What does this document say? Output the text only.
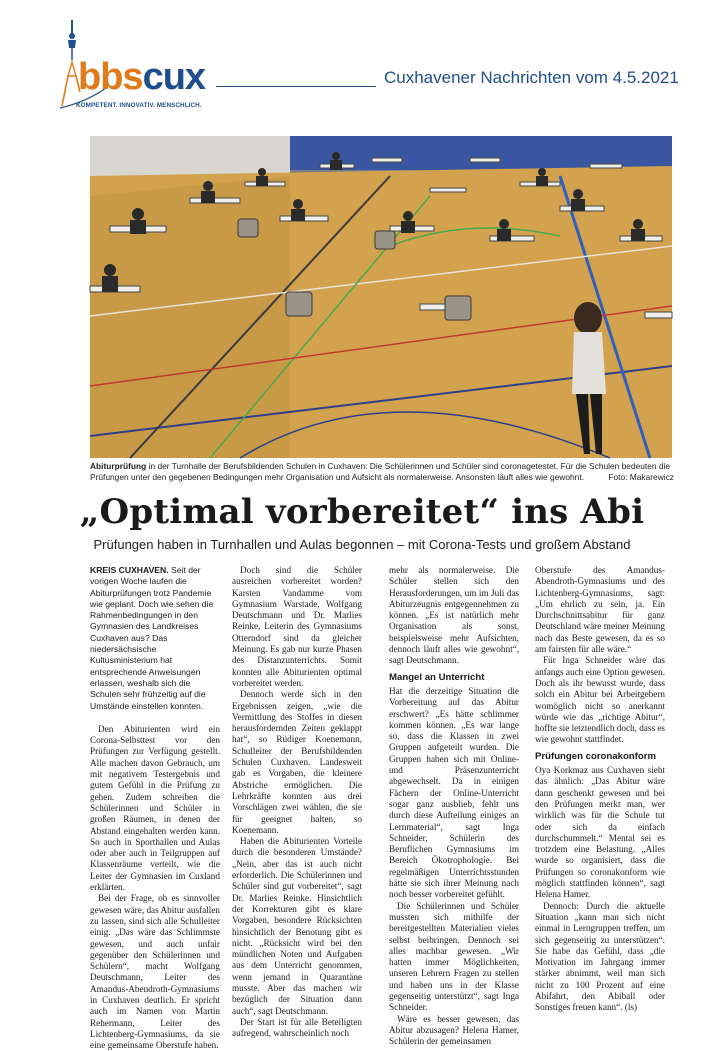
bbscux
KOMPETENT. INNOVATIV. MENSCHLICH.
Cuxhavener Nachrichten vom 4.5.2021
Abiturprüfung in der Turnhalle der Berufsbildenden Schulen in Cuxhaven: Die Schülerinnen und Schüler sind coronagetestet. Für die Schulen bedeuten die Prüfungen unter den gegebenen Bedingungen mehr Organisation und Aufsicht als normalerweise. Ansonsten läuft alles wie gewohnt.	Foto: Makarewicz
„Optimal vorbereitet“ ins Abi
Prüfungen haben in Turnhallen und Aulas begonnen – mit Corona-Tests und großem Abstand

KREIS CUXHAVEN. Seit der vorigen Woche laufen die Abiturprüfungen trotz Pandemie wie geplant. Doch wie sehen die Rahmenbedingungen in den Gymnasien des Landkreises Cuxhaven aus? Das niedersächsische Kultusministerium hat entsprechende Anweisungen erlassen, weshalb sich die Schulen sehr frühzeitig auf die Umstände einstellen konnten.

Den Abiturienten wird ein Corona-Selbsttest vor den Prüfungen zur Verfügung gestellt. Alle machen davon Gebrauch, um mit negativem Testergebnis und gutem Gefühl in die Prüfung zu gehen. Zudem schreiben die Schülerinnen und Schüler in großen Räumen, in denen der Abstand eingehalten werden kann. So auch in Sporthallen und Aulas oder aber auch in Teilgruppen auf Klassenräume verteilt, wie die Leiter der Gymnasien im Cuxland erklärten.

Bei der Frage, ob es sinnvoller gewesen wäre, das Abitur ausfallen zu lassen, sind sich alle Schulleiter einig. „Das wäre das Schlimmste gewesen, und auch unfair gegenüber den Schülerinnen und Schülern“, macht Wolfgang Deutschmann, Leiter des Amandus-Abendroth-Gymnasiums in Cuxhaven deutlich. Er spricht auch im Namen von Martin Rehermann, Leiter des Lichtenberg-Gymnasiums, da sie eine gemeinsame Oberstufe haben.

Doch sind die Schüler ausreichen vorbereitet worden? Karsten Vandamme vom Gymnasium Warstade, Wolfgang Deutschmann und Dr. Marlies Reinke, Leiterin des Gymnasiums Otterndorf sind da gleicher Meinung. Es gab nur kurze Phasen des Distanzunterrichts. Somit konnten alle Abiturienten optimal vorbereitet werden.

Dennoch werde sich in den Ergebnissen zeigen, „wie die Vermittlung des Stoffes in diesen herausfordernden Zeiten geklappt hat“, so Rüdiger Koenemann, Schulleiter der Berufsbildenden Schulen Cuxhaven. Landesweit gab es Vorgaben, die kleinere Abstriche ermöglichen. Die Lehrkräfte konnten aus drei Vorschlägen zwei wählen, die sie für geeignet halten, so Koenemann.

Haben die Abiturienten Vorteile durch die besonderen Umstände? „Nein, aber das ist auch nicht erforderlich. Die Schülerinnen und Schüler sind gut vorbereitet“, sagt Dr. Marlies Reinke. Hinsichtlich der Korrekturen gibt es klare Vorgaben, besondere Rücksichten hinsichtlich der Benotung gibt es nicht. „Rücksicht wird bei den mündlichen Noten und Aufgaben aus dem Unterricht genommen, wenn jemand in Quarantäne musste. Aber das machen wir bezüglich der Situation dann auch“, sagt Deutschmann.

Der Start ist für alle Beteiligten aufregend, wahrscheinlich noch

mehr als normalerweise. Die Schüler stellen sich den Herausforderungen, um im Juli das Abiturzeugnis entgegennehmen zu können. „Es ist natürlich mehr Organisation als sonst, beispielsweise mehr Aufsichten, dennoch läuft alles wie gewohnt“, sagt Deutschmann.

Mangel an Unterricht

Hat die derzeitige Situation die Vorbereitung auf das Abitur erschwert? „Es hätte schlimmer kommen können. „Es war lange so, dass die Klassen in zwei Gruppen aufgeteilt wurden. Die Gruppen haben sich mit Online- und Präsenzunterricht abgewechselt. Da in einigen Fächern der Online-Unterricht sogar ganz ausblieb, fehlt uns durch diese Aufteilung einiges an Lernmaterial“, sagt Inga Schneider, Schülerin des Beruflichen Gymnasiums im Bereich Ökotrophologie. Bei regelmäßigen Unterrichtsstunden hätte sie sich ihrer Meinung nach noch besser vorbereitet gefühlt.

Die Schülerinnen und Schüler mussten sich mithilfe der bereitgestellten Materialien vieles selbst beibringen. Dennoch sei alles machbar gewesen. „Wir hatten immer Möglichkeiten, unseren Lehrern Fragen zu stellen und haben uns in der Klasse gegenseitig unterstützt“, sagt Inga Schneider.

Wäre es besser gewesen, das Abitur abzusagen? Helena Hamer, Schülerin der gemeinsamen

Oberstufe des Amandus-Abendroth-Gymnasiums und des Lichtenberg-Gymnasiums, sagt: „Um ehrlich zu sein, ja. Ein Durchschnittsabitur für ganz Deutschland wäre meiner Meinung nach das Beste gewesen, da es so am fairsten für alle wäre.“

Für Inga Schneider wäre das anfangs auch eine Option gewesen. Doch als ihr bewusst wurde, dass solch ein Abitur bei Arbeitgebern womöglich nicht so anerkannt würde wie das „richtige Abitur“, hoffte sie letztendlich doch, dass es wie gewohnt stattfindet.

Prüfungen coronakonform

Oya Korkmaz aus Cuxhaven sieht das ähnlich: „Das Abitur wäre dann geschenkt gewesen und bei den Prüfungen merkt man, wer wirklich was für die Schule tut oder sich da einfach durchschummelt.“ Mental sei es trotzdem eine Belastung. „Alles wurde so organisiert, dass die Prüfungen so coronakonform wie möglich stattfinden können“, sagt Helena Hamer.

Dennoch: Durch die aktuelle Situation „kann man sich nicht einmal in Lerngruppen treffen, um sich gegenseitig zu unterstützen“. Sie habe das Gefühl, dass „die Motivation im Jahrgang immer stärker abnimmt, weil man sich nicht zu 100 Prozent auf eine Abifahrt, den Abiball oder Sonstiges freuen kann“. (ls)
